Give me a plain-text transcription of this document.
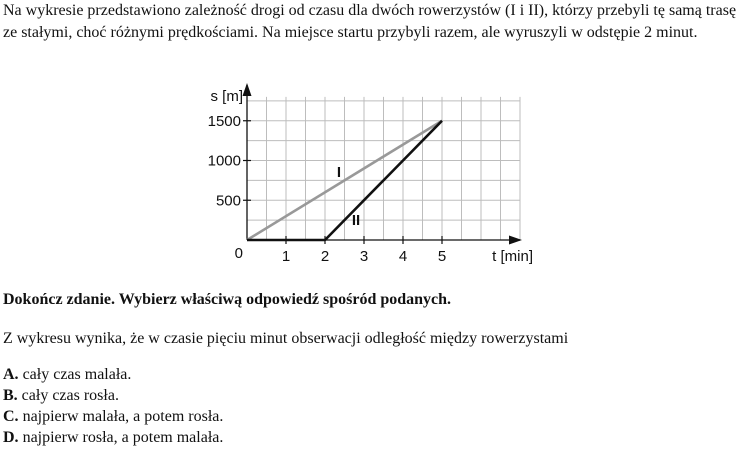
Na wykresie przedstawiono zależność drogi od czasu dla dwóch rowerzystów (I i II), którzy przebyli tę samą trasę ze stałymi, choć różnymi prędkościami. Na miejsce startu przybyli razem, ale wyruszyli w odstępie 2 minut.

1 2 3 4 5
500
1000
1500
0	t [min]
s [m]
I
II

Dokończ zdanie. Wybierz właściwą odpowiedź spośród podanych.

Z wykresu wynika, że w czasie pięciu minut obserwacji odległość między rowerzystami

A. cały czas malała.
B. cały czas rosła.
C. najpierw malała, a potem rosła.
D. najpierw rosła, a potem malała.
